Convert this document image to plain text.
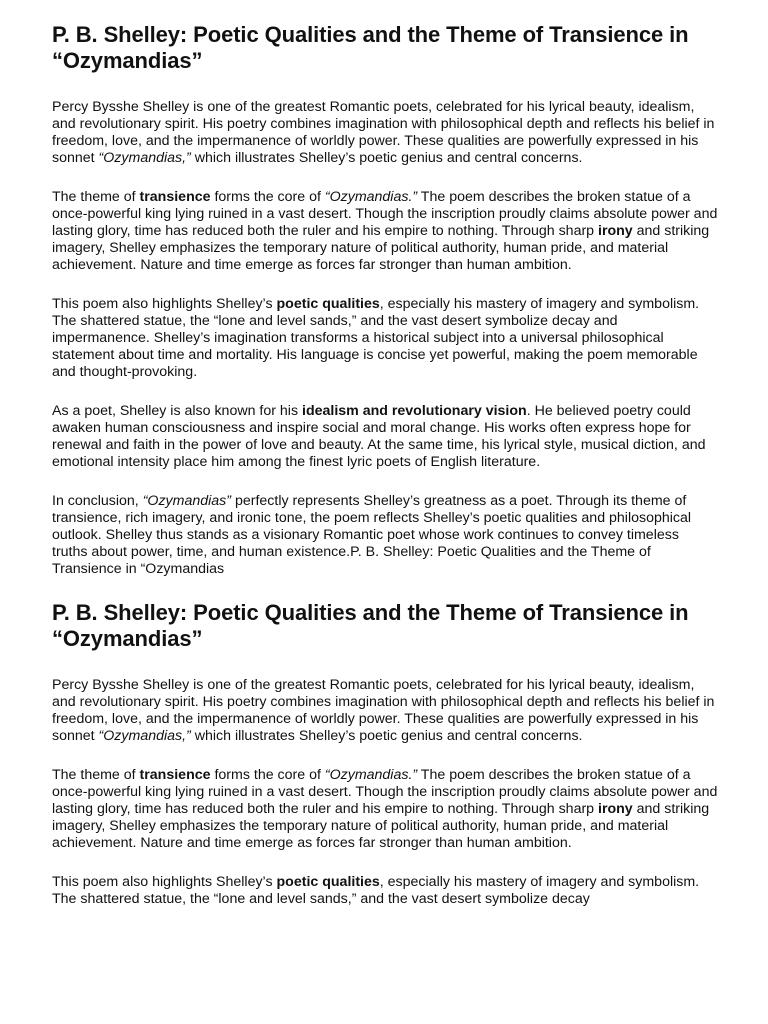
P. B. Shelley: Poetic Qualities and the Theme of Transience in “Ozymandias”

Percy Bysshe Shelley is one of the greatest Romantic poets, celebrated for his lyrical beauty, idealism, and revolutionary spirit. His poetry combines imagination with philosophical depth and reflects his belief in freedom, love, and the impermanence of worldly power. These qualities are powerfully expressed in his sonnet “Ozymandias,” which illustrates Shelley’s poetic genius and central concerns.

The theme of transience forms the core of “Ozymandias.” The poem describes the broken statue of a once-powerful king lying ruined in a vast desert. Though the inscription proudly claims absolute power and lasting glory, time has reduced both the ruler and his empire to nothing. Through sharp irony and striking imagery, Shelley emphasizes the temporary nature of political authority, human pride, and material achievement. Nature and time emerge as forces far stronger than human ambition.

This poem also highlights Shelley’s poetic qualities, especially his mastery of imagery and symbolism. The shattered statue, the “lone and level sands,” and the vast desert symbolize decay and impermanence. Shelley’s imagination transforms a historical subject into a universal philosophical statement about time and mortality. His language is concise yet powerful, making the poem memorable and thought-provoking.

As a poet, Shelley is also known for his idealism and revolutionary vision. He believed poetry could awaken human consciousness and inspire social and moral change. His works often express hope for renewal and faith in the power of love and beauty. At the same time, his lyrical style, musical diction, and emotional intensity place him among the finest lyric poets of English literature.

In conclusion, “Ozymandias” perfectly represents Shelley’s greatness as a poet. Through its theme of transience, rich imagery, and ironic tone, the poem reflects Shelley’s poetic qualities and philosophical outlook. Shelley thus stands as a visionary Romantic poet whose work continues to convey timeless truths about power, time, and human existence.P. B. Shelley: Poetic Qualities and the Theme of Transience in “Ozymandias

P. B. Shelley: Poetic Qualities and the Theme of Transience in “Ozymandias”

Percy Bysshe Shelley is one of the greatest Romantic poets, celebrated for his lyrical beauty, idealism, and revolutionary spirit. His poetry combines imagination with philosophical depth and reflects his belief in freedom, love, and the impermanence of worldly power. These qualities are powerfully expressed in his sonnet “Ozymandias,” which illustrates Shelley’s poetic genius and central concerns.

The theme of transience forms the core of “Ozymandias.” The poem describes the broken statue of a once-powerful king lying ruined in a vast desert. Though the inscription proudly claims absolute power and lasting glory, time has reduced both the ruler and his empire to nothing. Through sharp irony and striking imagery, Shelley emphasizes the temporary nature of political authority, human pride, and material achievement. Nature and time emerge as forces far stronger than human ambition.

This poem also highlights Shelley’s poetic qualities, especially his mastery of imagery and symbolism. The shattered statue, the “lone and level sands,” and the vast desert symbolize decay
